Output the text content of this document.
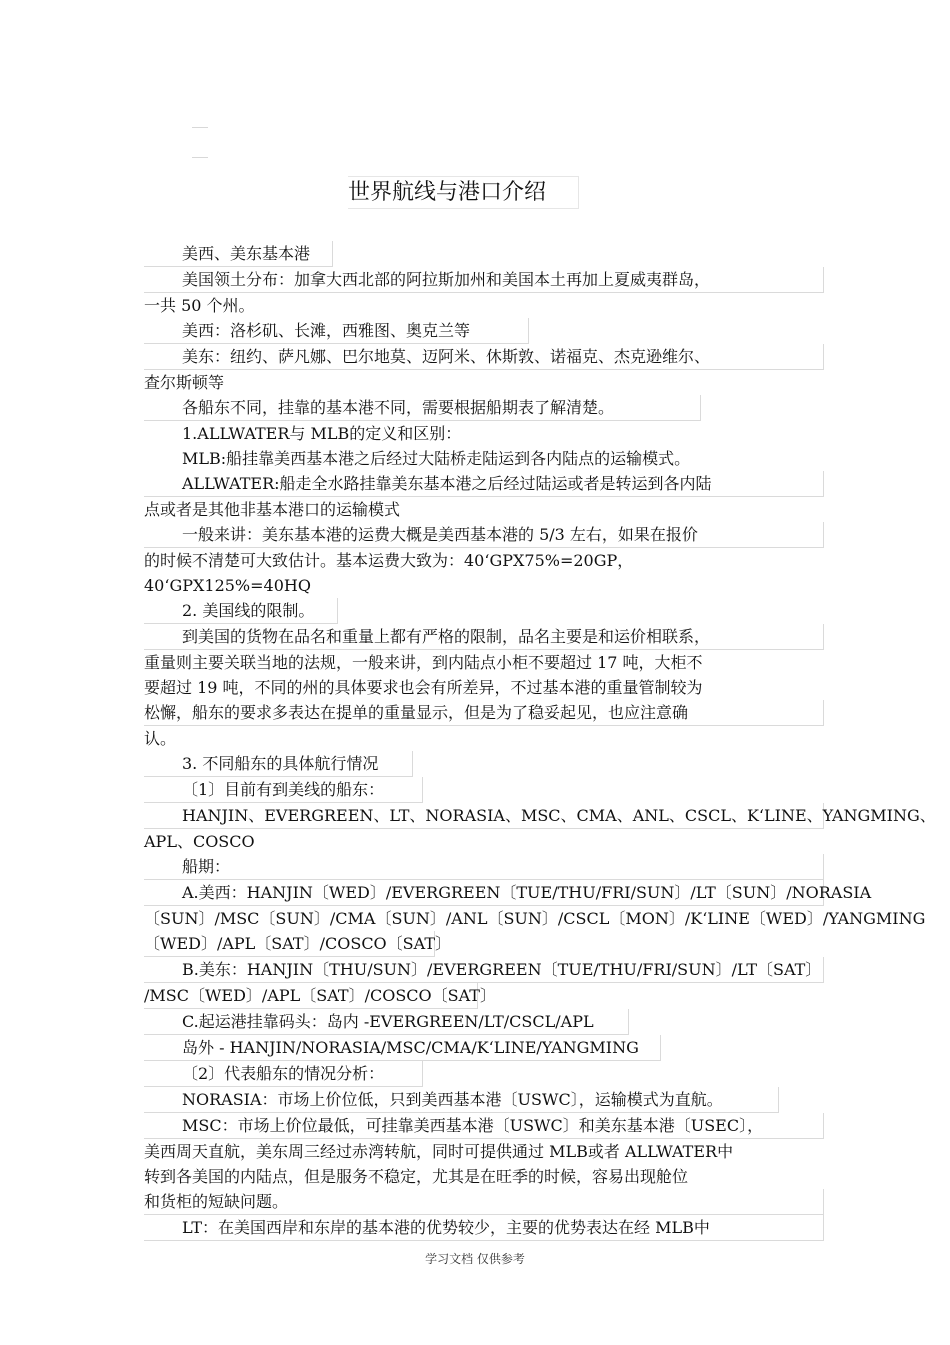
世界航线与港口介绍
美西、美东基本港
美国领土分布：加拿大西北部的阿拉斯加州和美国本土再加上夏威夷群岛，
一共 50 个州。
美西：洛杉矶、长滩，西雅图、奥克兰等
美东：纽约、萨凡娜、巴尔地莫、迈阿米、休斯敦、诺福克、杰克逊维尔、
查尔斯顿等
各船东不同，挂靠的基本港不同，需要根据船期表了解清楚。
1.ALLWATER与 MLB的定义和区别：
MLB:船挂靠美西基本港之后经过大陆桥走陆运到各内陆点的运输模式。
ALLWATER:船走全水路挂靠美东基本港之后经过陆运或者是转运到各内陆
点或者是其他非基本港口的运输模式
一般来讲：美东基本港的运费大概是美西基本港的 5/3 左右，如果在报价
的时候不清楚可大致估计。基本运费大致为：40‘GPX75%=20GP，
40‘GPX125%=40HQ
2. 美国线的限制。
到美国的货物在品名和重量上都有严格的限制，品名主要是和运价相联系，
重量则主要关联当地的法规，一般来讲，到内陆点小柜不要超过 17 吨，大柜不
要超过 19 吨，不同的州的具体要求也会有所差异，不过基本港的重量管制较为
松懈，船东的要求多表达在提单的重量显示，但是为了稳妥起见，也应注意确
认。
3. 不同船东的具体航行情况
〔1〕目前有到美线的船东：
HANJIN、EVERGREEN、LT、NORASIA、MSC、CMA、ANL、CSCL、K‘LINE、YANGMING、
APL、COSCO
船期：
A.美西：HANJIN〔WED〕/EVERGREEN〔TUE/THU/FRI/SUN〕/LT〔SUN〕/NORASIA
〔SUN〕/MSC〔SUN〕/CMA〔SUN〕/ANL〔SUN〕/CSCL〔MON〕/K‘LINE〔WED〕/YANGMING
〔WED〕/APL〔SAT〕/COSCO〔SAT〕
B.美东：HANJIN〔THU/SUN〕/EVERGREEN〔TUE/THU/FRI/SUN〕/LT〔SAT〕
/MSC〔WED〕/APL〔SAT〕/COSCO〔SAT〕
C.起运港挂靠码头：岛内 -EVERGREEN/LT/CSCL/APL
岛外 - HANJIN/NORASIA/MSC/CMA/K‘LINE/YANGMING
〔2〕代表船东的情况分析：
NORASIA：市场上价位低，只到美西基本港〔USWC〕，运输模式为直航。
MSC：市场上价位最低，可挂靠美西基本港〔USWC〕和美东基本港〔USEC〕，
美西周天直航，美东周三经过赤湾转航，同时可提供通过 MLB或者 ALLWATER中
转到各美国的内陆点，但是服务不稳定，尤其是在旺季的时候，容易出现舱位
和货柜的短缺问题。
LT：在美国西岸和东岸的基本港的优势较少，主要的优势表达在经 MLB中
学习文档 仅供参考
